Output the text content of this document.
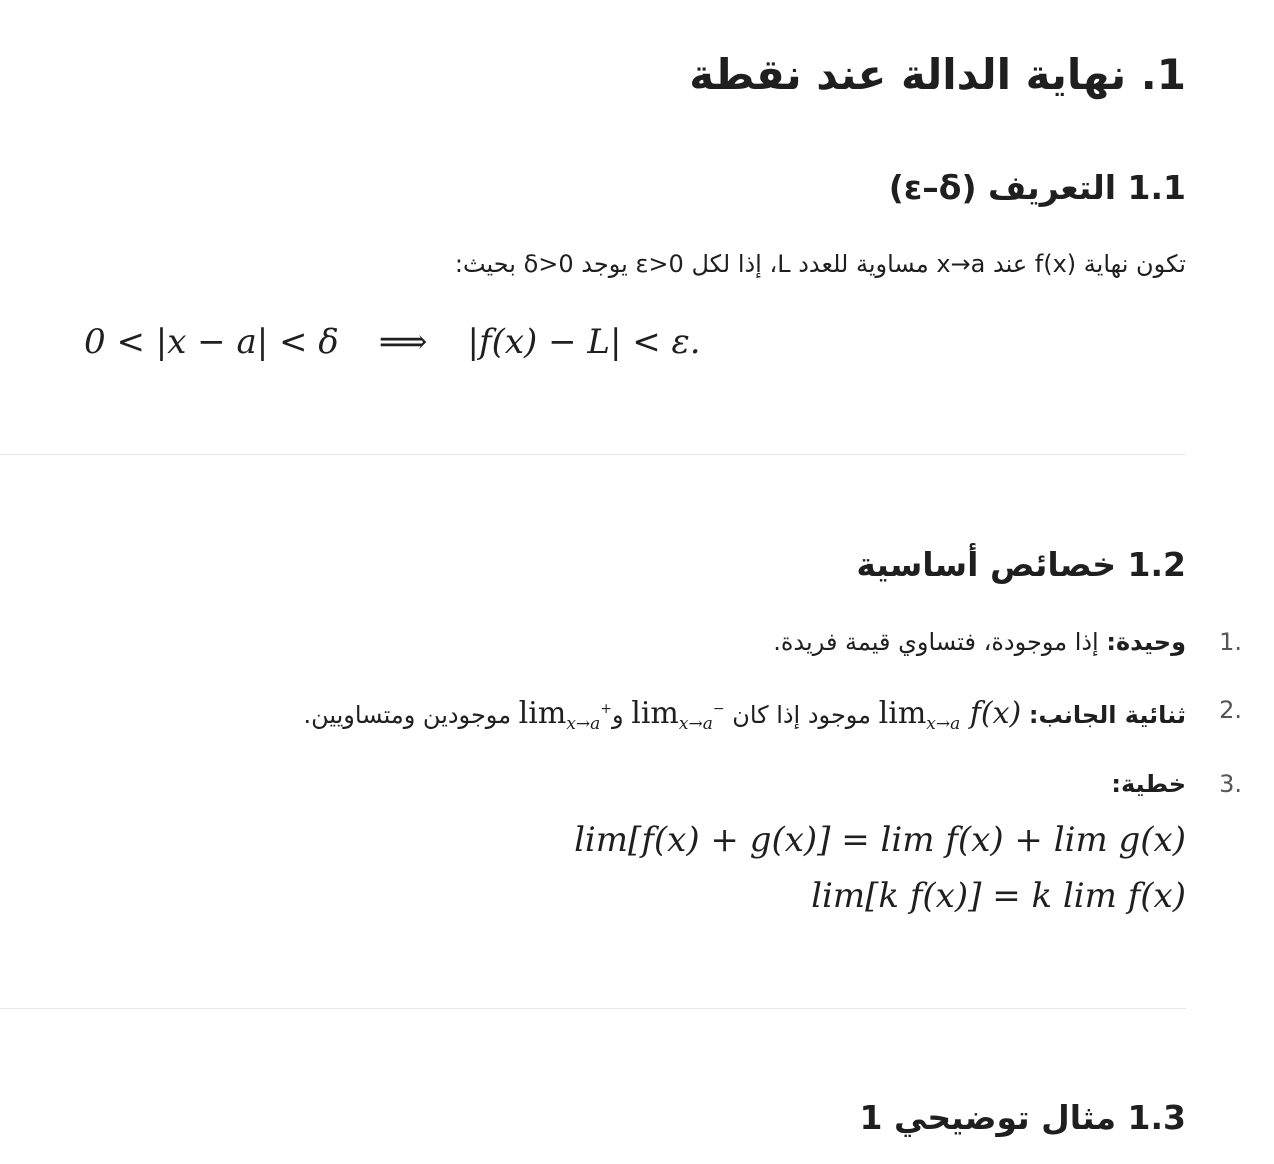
1. نهاية الدالة عند نقطة
1.1 التعريف (ε–δ)
تكون نهاية f(x) عند x→a مساوية للعدد L، إذا لكل ε>0 يوجد δ>0 بحيث:
0 < |x − a| < δ ⟹ |f(x) − L| < ε.
1.2 خصائص أساسية
1.
وحيدة: إذا موجودة، فتساوي قيمة فريدة.
2.
ثنائية الجانب: $\lim_{x\to a} f(x)$ موجود إذا كان $\lim_{x\to a}^-$ وlim$_{x\to a}$+ موجودين ومتساويين.
3.
خطية:
lim[f(x) + g(x)] = lim f(x) + lim g(x)
lim[k f(x)] = k lim f(x)
1.3 مثال توضيحي 1
